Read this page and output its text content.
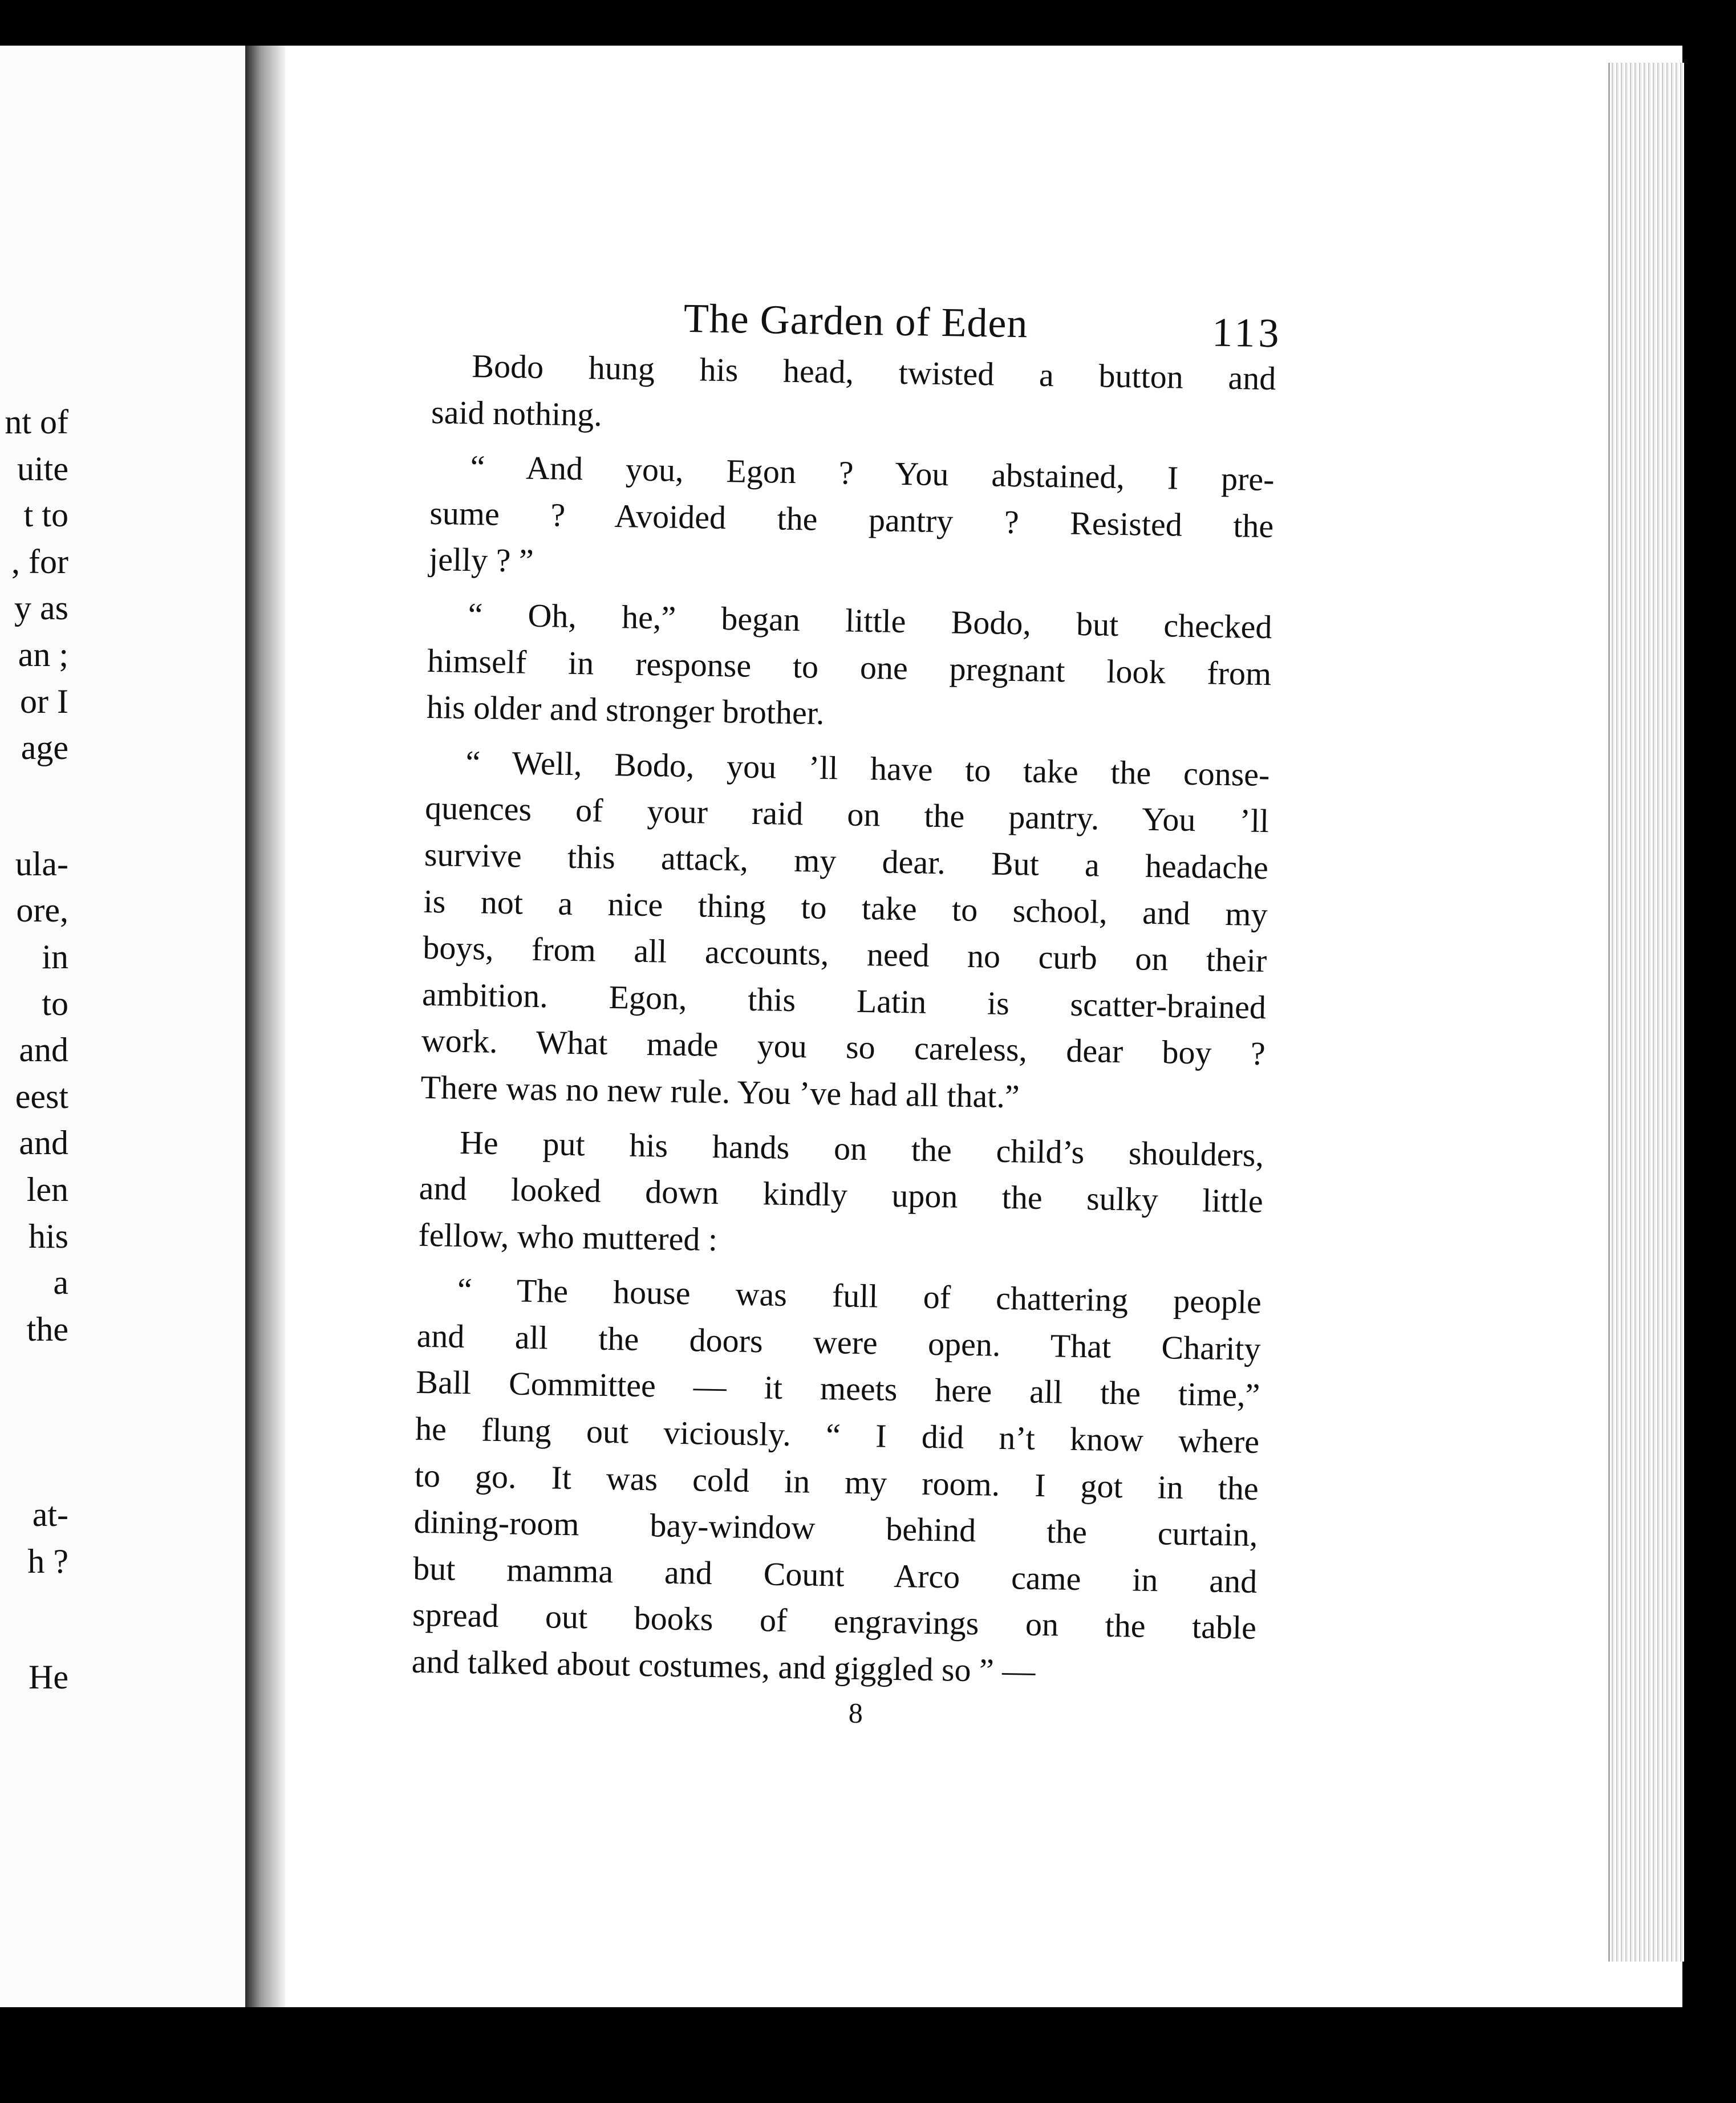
nt of
uite
t to
, for
y as
an ;
or I
age
ula-
ore,
in
to
and
eest
and
len
his
a
the
at-
h ?
He
The Garden of Eden	113
Bodo hung his head, twisted a button and
said nothing.
“ And you, Egon ? You abstained, I pre-
sume ? Avoided the pantry ? Resisted the
jelly ? ”
“ Oh, he,” began little Bodo, but checked
himself in response to one pregnant look from
his older and stronger brother.
“ Well, Bodo, you ’ll have to take the conse-
quences of your raid on the pantry. You ’ll
survive this attack, my dear. But a headache
is not a nice thing to take to school, and my
boys, from all accounts, need no curb on their
ambition. Egon, this Latin is scatter-brained
work. What made you so careless, dear boy ?
There was no new rule. You ’ve had all that.”
He put his hands on the child’s shoulders,
and looked down kindly upon the sulky little
fellow, who muttered :
“ The house was full of chattering people
and all the doors were open. That Charity
Ball Committee — it meets here all the time,”
he flung out viciously. “ I did n’t know where
to go. It was cold in my room. I got in the
dining-room bay-window behind the curtain,
but mamma and Count Arco came in and
spread out books of engravings on the table
and talked about costumes, and giggled so ” —
8
